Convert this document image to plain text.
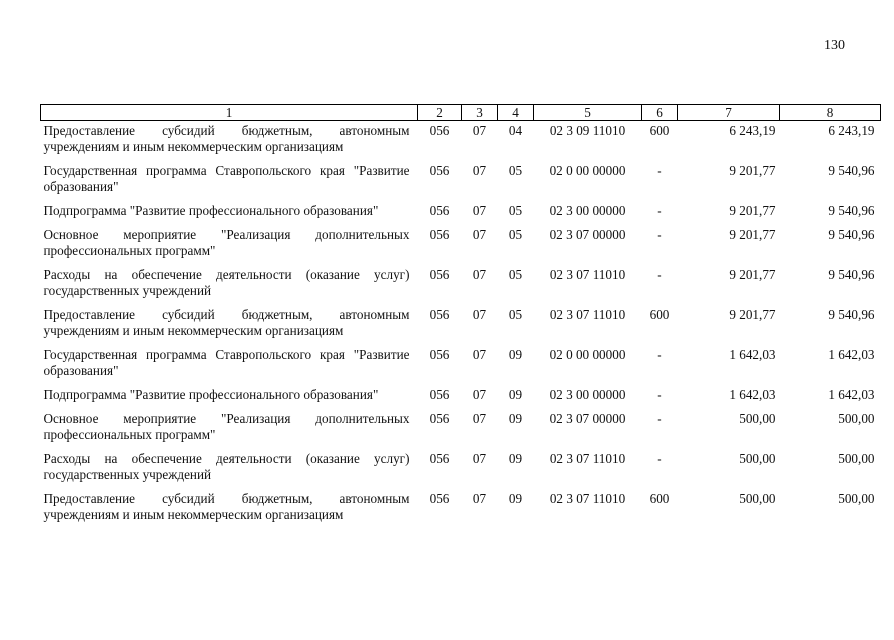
130
1	2	3	4	5	6	7	8
Предоставление субсидий бюджетным, автономным учреждениям и иным некоммерческим организациям	056	07	04	02 3 09 11010	600	6 243,19	6 243,19
Государственная программа Ставропольского края "Развитие образования"	056	07	05	02 0 00 00000	-	9 201,77	9 540,96
Подпрограмма "Развитие профессионального образования"	056	07	05	02 3 00 00000	-	9 201,77	9 540,96
Основное мероприятие "Реализация дополнительных профессиональных программ"	056	07	05	02 3 07 00000	-	9 201,77	9 540,96
Расходы на обеспечение деятельности (оказание услуг) государственных учреждений	056	07	05	02 3 07 11010	-	9 201,77	9 540,96
Предоставление субсидий бюджетным, автономным учреждениям и иным некоммерческим организациям	056	07	05	02 3 07 11010	600	9 201,77	9 540,96
Государственная программа Ставропольского края "Развитие образования"	056	07	09	02 0 00 00000	-	1 642,03	1 642,03
Подпрограмма "Развитие профессионального образования"	056	07	09	02 3 00 00000	-	1 642,03	1 642,03
Основное мероприятие "Реализация дополнительных профессиональных программ"	056	07	09	02 3 07 00000	-	500,00	500,00
Расходы на обеспечение деятельности (оказание услуг) государственных учреждений	056	07	09	02 3 07 11010	-	500,00	500,00
Предоставление субсидий бюджетным, автономным учреждениям и иным некоммерческим организациям	056	07	09	02 3 07 11010	600	500,00	500,00
